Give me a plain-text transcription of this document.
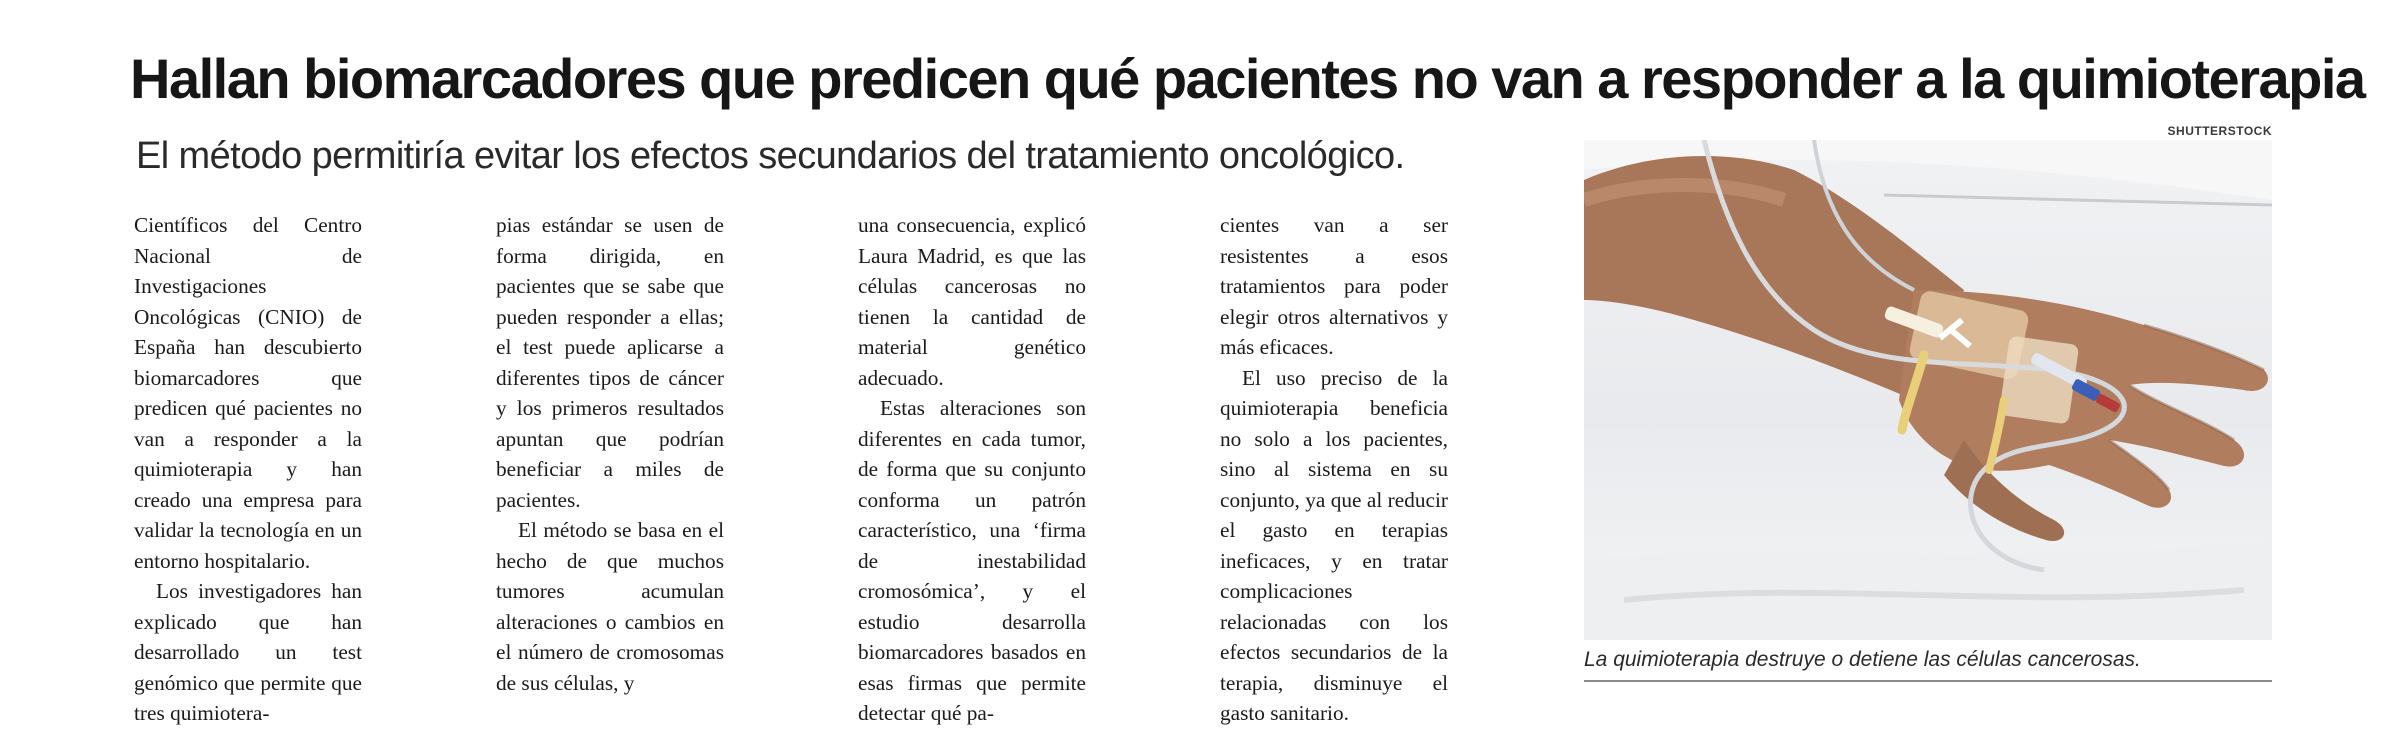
Hallan biomarcadores que predicen qué pacientes no van a responder a la quimioterapia
El método permitiría evitar los efectos secundarios del tratamiento oncológico.

Científicos del Centro Nacional de Investigaciones Oncológicas (CNIO) de España han descubierto biomarcadores que predicen qué pacientes no van a responder a la quimioterapia y han creado una empresa para validar la tecnología en un entorno hospitalario.

Los investigadores han explicado que han desarrollado un test genómico que permite que tres quimiotera-

pias estándar se usen de forma dirigida, en pacientes que se sabe que pueden responder a ellas; el test puede aplicarse a diferentes tipos de cáncer y los primeros resultados apuntan que podrían beneficiar a miles de pacientes.

El método se basa en el hecho de que muchos tumores acumulan alteraciones o cambios en el número de cromosomas de sus células, y

una consecuencia, explicó Laura Madrid, es que las células cancerosas no tienen la cantidad de material genético adecuado.

Estas alteraciones son diferentes en cada tumor, de forma que su conjunto conforma un patrón característico, una ‘firma de inestabilidad cromosómica’, y el estudio desarrolla biomarcadores basados en esas firmas que permite detectar qué pa-

cientes van a ser resistentes a esos tratamientos para poder elegir otros alternativos y más eficaces.

El uso preciso de la quimioterapia beneficia no solo a los pacientes, sino al sistema en su conjunto, ya que al reducir el gasto en terapias ineficaces, y en tratar complicaciones relacionadas con los efectos secundarios de la terapia, disminuye el gasto sanitario.

SHUTTERSTOCK
La quimioterapia destruye o detiene las células cancerosas.
